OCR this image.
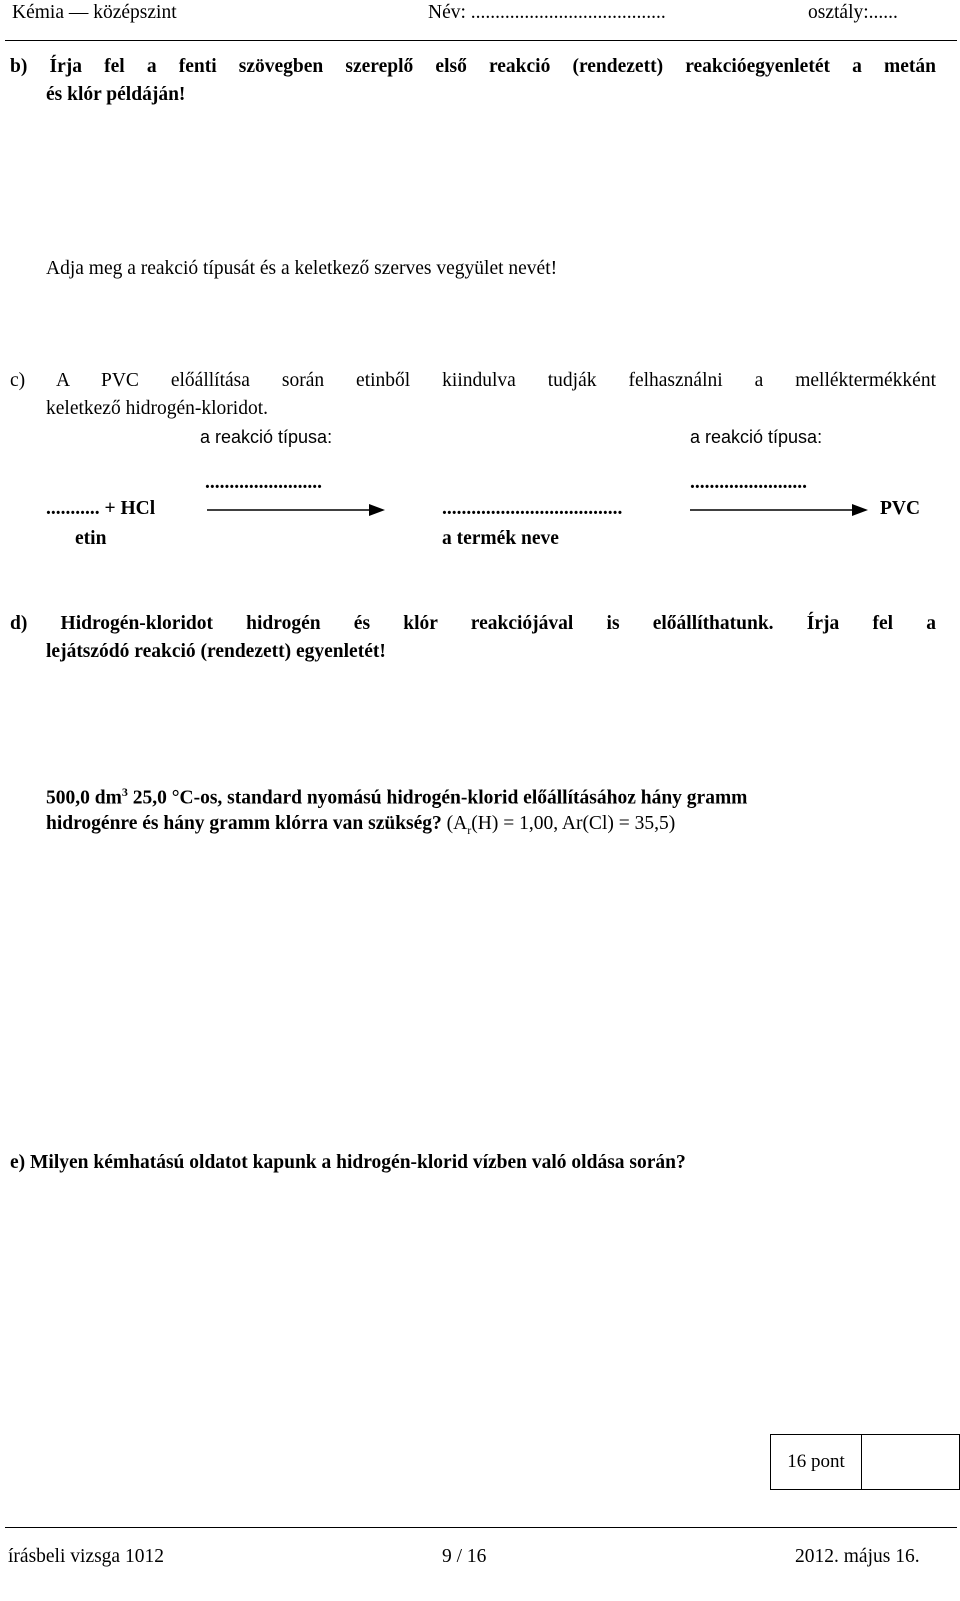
Kémia — középszint	Név: ........................................	osztály:......
b) Írja fel a fenti szövegben szereplő első reakció (rendezett) reakcióegyenletét a metán
és klór példáján!
Adja meg a reakció típusát és a keletkező szerves vegyület nevét!
c) A PVC előállítása során etinből kiindulva tudják felhasználni a melléktermékként
keletkező hidrogén-kloridot.
a reakció típusa:	a reakció típusa:
........................	........................
........... + HCl	.....................................	PVC
etin	a termék neve
d) Hidrogén-kloridot hidrogén és klór reakciójával is előállíthatunk. Írja fel a
lejátszódó reakció (rendezett) egyenletét!
500,0 $dm^3$ 25,0 °C-os, standard nyomású hidrogén-klorid előállításához hány gramm
hidrogénre és hány gramm klórra van szükség? ($A_r(H) = 1,00$, Ar(Cl) = 35,5)
e) Milyen kémhatású oldatot kapunk a hidrogén-klorid vízben való oldása során?
16 pont
írásbeli vizsga 1012	9 / 16	2012. május 16.
